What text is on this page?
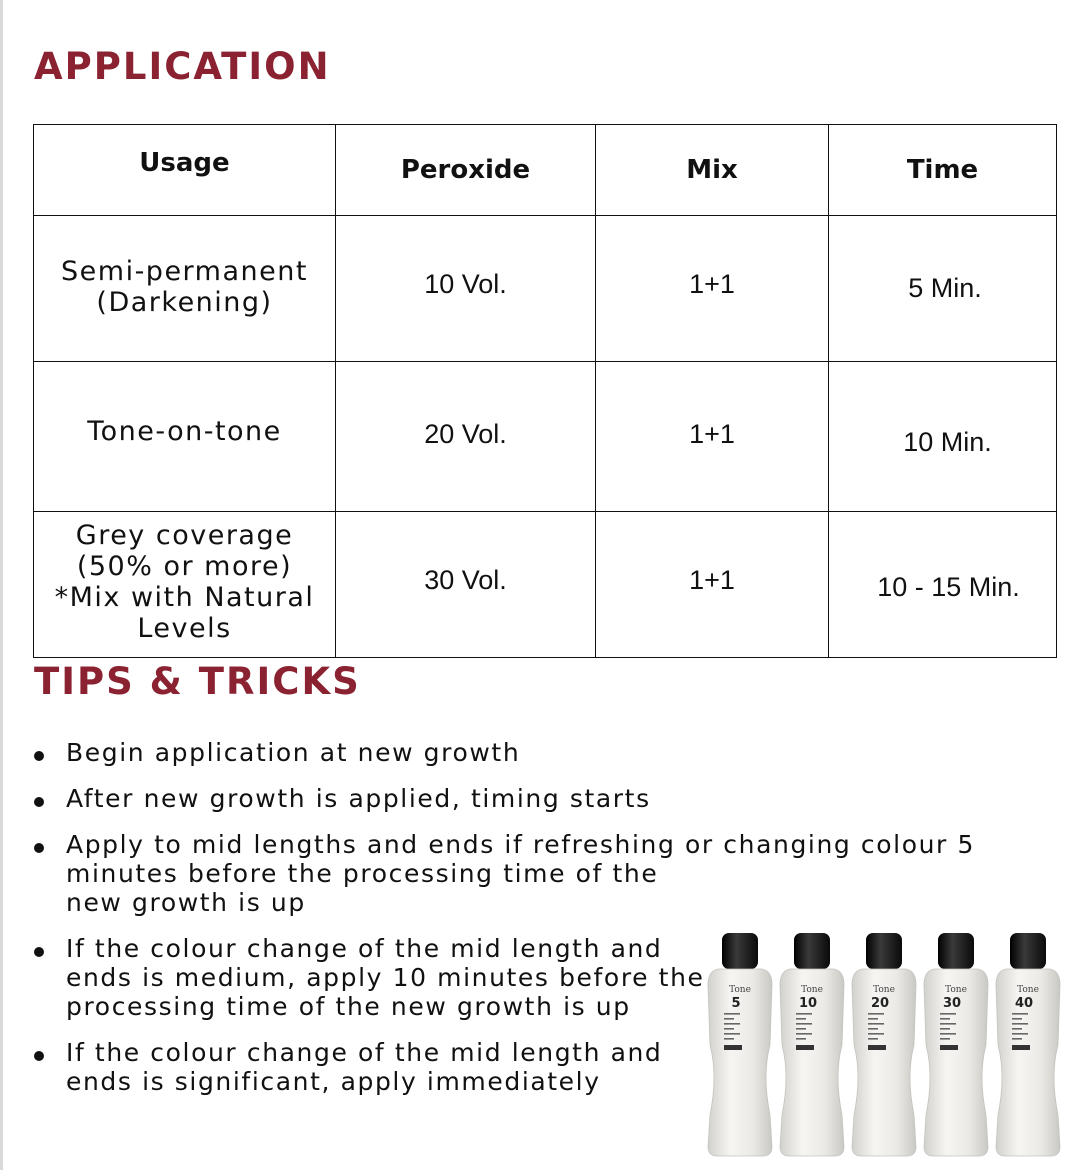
APPLICATION
Usage	Peroxide	Mix	Time
Semi-permanent
(Darkening)	10 Vol.	1+1	5 Min.
Tone-on-tone	20 Vol.	1+1	10 Min.
Grey coverage
(50% or more)
*Mix with Natural
Levels	30 Vol.	1+1	10 - 15 Min.
TIPS & TRICKS
Begin application at new growth
After new growth is applied, timing starts
Apply to mid lengths and ends if refreshing or changing colour 5
minutes before the processing time of the
new growth is up
If the colour change of the mid length and
ends is medium, apply 10 minutes before the
processing time of the new growth is up
If the colour change of the mid length and
ends is significant, apply immediately
Tone
5
Tone
10
Tone
20
Tone
30
Tone
40
